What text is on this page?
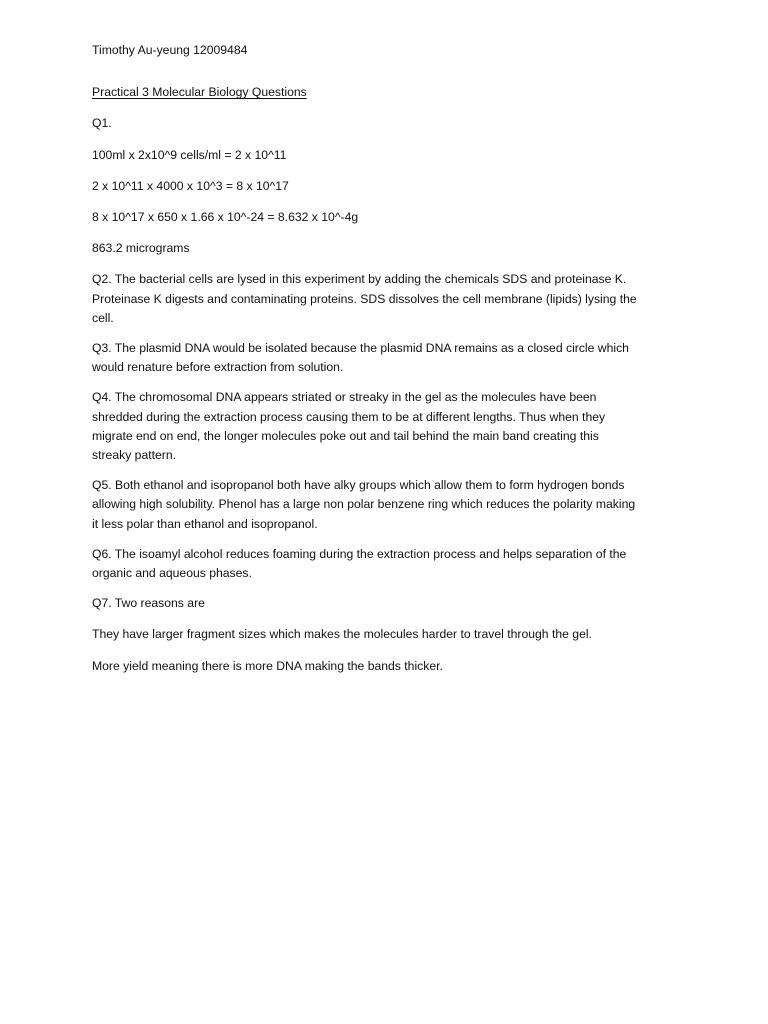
Timothy Au-yeung 12009484

Practical 3 Molecular Biology Questions

Q1.

100ml x 2x10^9 cells/ml = 2 x 10^11

2 x 10^11 x 4000 x 10^3 = 8 x 10^17

8 x 10^17 x 650 x 1.66 x 10^-24 = 8.632 x 10^-4g

863.2 micrograms

Q2. The bacterial cells are lysed in this experiment by adding the chemicals SDS and proteinase K.
Proteinase K digests and contaminating proteins. SDS dissolves the cell membrane (lipids) lysing the
cell.
Q3. The plasmid DNA would be isolated because the plasmid DNA remains as a closed circle which
would renature before extraction from solution.
Q4. The chromosomal DNA appears striated or streaky in the gel as the molecules have been
shredded during the extraction process causing them to be at different lengths. Thus when they
migrate end on end, the longer molecules poke out and tail behind the main band creating this
streaky pattern.
Q5. Both ethanol and isopropanol both have alky groups which allow them to form hydrogen bonds
allowing high solubility. Phenol has a large non polar benzene ring which reduces the polarity making
it less polar than ethanol and isopropanol.
Q6. The isoamyl alcohol reduces foaming during the extraction process and helps separation of the
organic and aqueous phases.

Q7. Two reasons are

They have larger fragment sizes which makes the molecules harder to travel through the gel.

More yield meaning there is more DNA making the bands thicker.
